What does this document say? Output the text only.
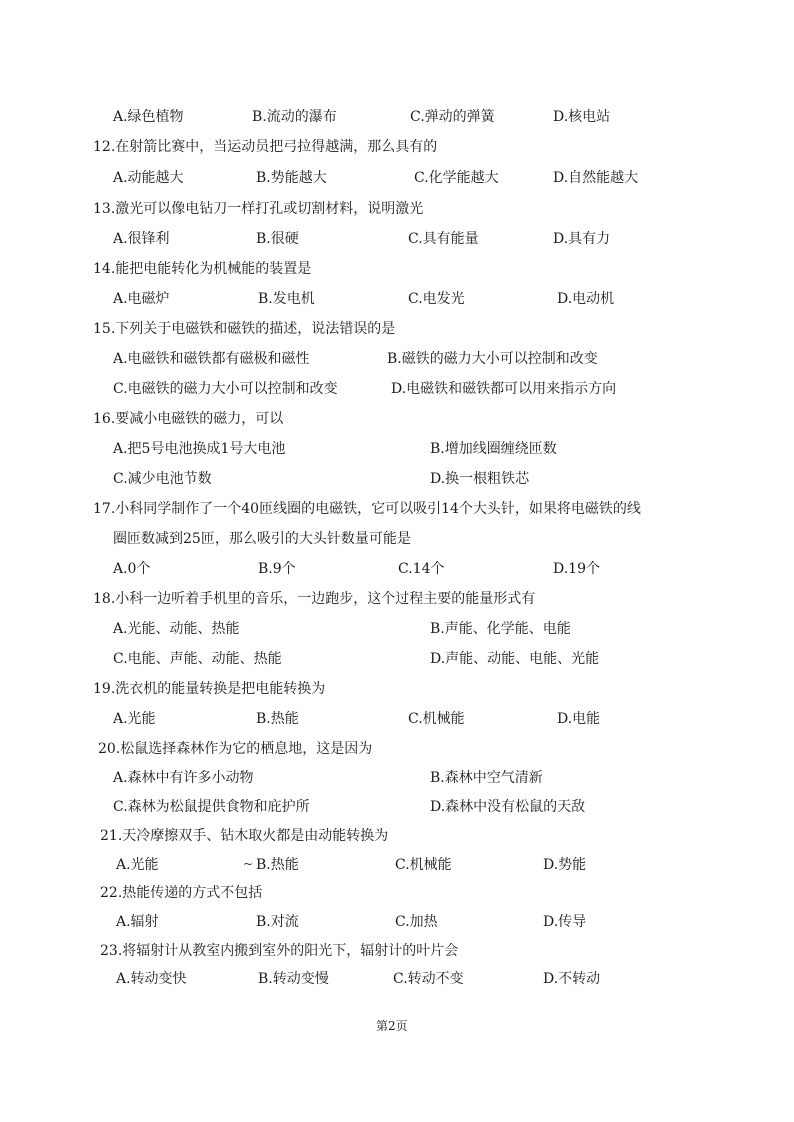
A.绿色植物	B.流动的瀑布	C.弹动的弹簧	D.核电站
12.在射箭比赛中，当运动员把弓拉得越满，那么具有的
A.动能越大	B.势能越大	C.化学能越大	D.自然能越大
13.激光可以像电钻刀一样打孔或切割材料，说明激光
A.很锋利	B.很硬	C.具有能量	D.具有力
14.能把电能转化为机械能的装置是
A.电磁炉	B.发电机	C.电发光	D.电动机
15.下列关于电磁铁和磁铁的描述，说法错误的是
A.电磁铁和磁铁都有磁极和磁性	B.磁铁的磁力大小可以控制和改变
C.电磁铁的磁力大小可以控制和改变	D.电磁铁和磁铁都可以用来指示方向
16.要减小电磁铁的磁力，可以
A.把5号电池换成1号大电池	B.增加线圈缠绕匝数
C.减少电池节数	D.换一根粗铁芯
17.小科同学制作了一个40匝线圈的电磁铁，它可以吸引14个大头针，如果将电磁铁的线
圈匝数减到25匝，那么吸引的大头针数量可能是
A.0个	B.9个	C.14个	D.19个
18.小科一边听着手机里的音乐，一边跑步，这个过程主要的能量形式有
A.光能、动能、热能	B.声能、化学能、电能
C.电能、声能、动能、热能	D.声能、动能、电能、光能
19.洗衣机的能量转换是把电能转换为
A.光能	B.热能	C.机械能	D.电能
20.松鼠选择森林作为它的栖息地，这是因为
A.森林中有许多小动物	B.森林中空气清新
C.森林为松鼠提供食物和庇护所	D.森林中没有松鼠的天敌
21.天冷摩擦双手、钻木取火都是由动能转换为
A.光能	~ B.热能	C.机械能	D.势能
22.热能传递的方式不包括
A.辐射	B.对流	C.加热	D.传导
23.将辐射计从教室内搬到室外的阳光下，辐射计的叶片会
A.转动变快	B.转动变慢	C.转动不变	D.不转动
第2页
